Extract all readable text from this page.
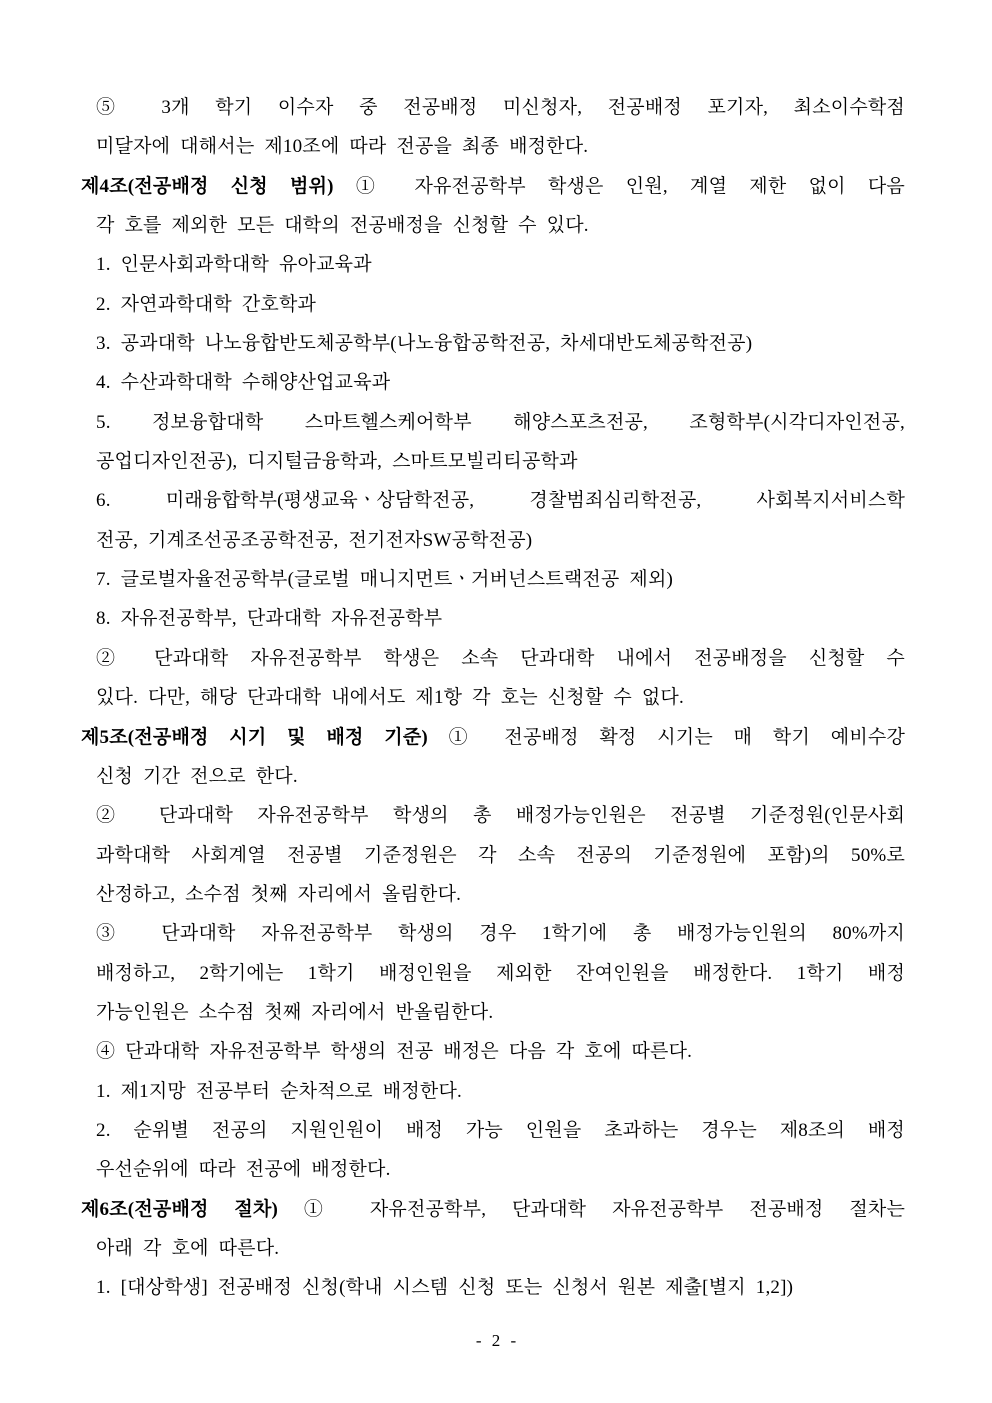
⑤ 3개 학기 이수자 중 전공배정 미신청자, 전공배정 포기자, 최소이수학점
미달자에 대해서는 제10조에 따라 전공을 최종 배정한다.
제4조(전공배정 신청 범위) ① 자유전공학부 학생은 인원, 계열 제한 없이 다음
각 호를 제외한 모든 대학의 전공배정을 신청할 수 있다.
1. 인문사회과학대학 유아교육과
2. 자연과학대학 간호학과
3. 공과대학 나노융합반도체공학부(나노융합공학전공, 차세대반도체공학전공)
4. 수산과학대학 수해양산업교육과
5. 정보융합대학 스마트헬스케어학부 해양스포츠전공, 조형학부(시각디자인전공,
공업디자인전공), 디지털금융학과, 스마트모빌리티공학과
6. 미래융합학부(평생교육ㆍ상담학전공, 경찰범죄심리학전공, 사회복지서비스학
전공, 기계조선공조공학전공, 전기전자SW공학전공)
7. 글로벌자율전공학부(글로벌 매니지먼트ㆍ거버넌스트랙전공 제외)
8. 자유전공학부, 단과대학 자유전공학부
② 단과대학 자유전공학부 학생은 소속 단과대학 내에서 전공배정을 신청할 수
있다. 다만, 해당 단과대학 내에서도 제1항 각 호는 신청할 수 없다.
제5조(전공배정 시기 및 배정 기준) ① 전공배정 확정 시기는 매 학기 예비수강
신청 기간 전으로 한다.
② 단과대학 자유전공학부 학생의 총 배정가능인원은 전공별 기준정원(인문사회
과학대학 사회계열 전공별 기준정원은 각 소속 전공의 기준정원에 포함)의 50%로
산정하고, 소수점 첫째 자리에서 올림한다.
③ 단과대학 자유전공학부 학생의 경우 1학기에 총 배정가능인원의 80%까지
배정하고, 2학기에는 1학기 배정인원을 제외한 잔여인원을 배정한다. 1학기 배정
가능인원은 소수점 첫째 자리에서 반올림한다.
④ 단과대학 자유전공학부 학생의 전공 배정은 다음 각 호에 따른다.
1. 제1지망 전공부터 순차적으로 배정한다.
2. 순위별 전공의 지원인원이 배정 가능 인원을 초과하는 경우는 제8조의 배정
우선순위에 따라 전공에 배정한다.
제6조(전공배정 절차) ① 자유전공학부, 단과대학 자유전공학부 전공배정 절차는
아래 각 호에 따른다.
1. [대상학생] 전공배정 신청(학내 시스템 신청 또는 신청서 원본 제출[별지 1,2])
- 2 -
